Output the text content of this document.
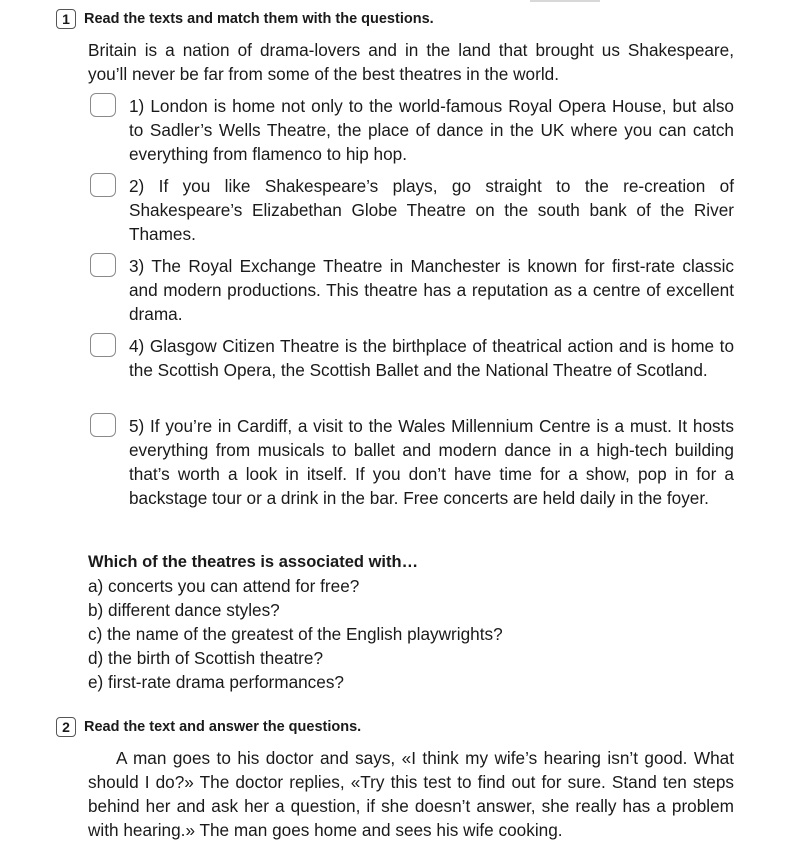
1 Read the texts and match them with the questions.

Britain is a nation of drama-lovers and in the land that brought us Shakespeare, you’ll never be far from some of the best theatres in the world.

1) London is home not only to the world-famous Royal Opera House, but also to Sadler’s Wells Theatre, the place of dance in the UK where you can catch everything from flamenco to hip hop.

2) If you like Shakespeare’s plays, go straight to the re-creation of Shakespeare’s Elizabethan Globe Theatre on the south bank of the River Thames.

3) The Royal Exchange Theatre in Manchester is known for first-rate classic and modern productions. This theatre has a reputation as a centre of excellent drama.

4) Glasgow Citizen Theatre is the birthplace of theatrical action and is home to the Scottish Opera, the Scottish Ballet and the National Theatre of Scotland.

5) If you’re in Cardiff, a visit to the Wales Millennium Centre is a must. It hosts everything from musicals to ballet and modern dance in a high-tech building that’s worth a look in itself. If you don’t have time for a show, pop in for a backstage tour or a drink in the bar. Free concerts are held daily in the foyer.

Which of the theatres is associated with…
a) concerts you can attend for free?
b) different dance styles?
c) the name of the greatest of the English playwrights?
d) the birth of Scottish theatre?
e) first-rate drama performances?
2 Read the text and answer the questions.

A man goes to his doctor and says, «I think my wife’s hearing isn’t good. What should I do?» The doctor replies, «Try this test to find out for sure. Stand ten steps behind her and ask her a question, if she doesn’t answer, she really has a problem with hearing.» The man goes home and sees his wife cooking.
